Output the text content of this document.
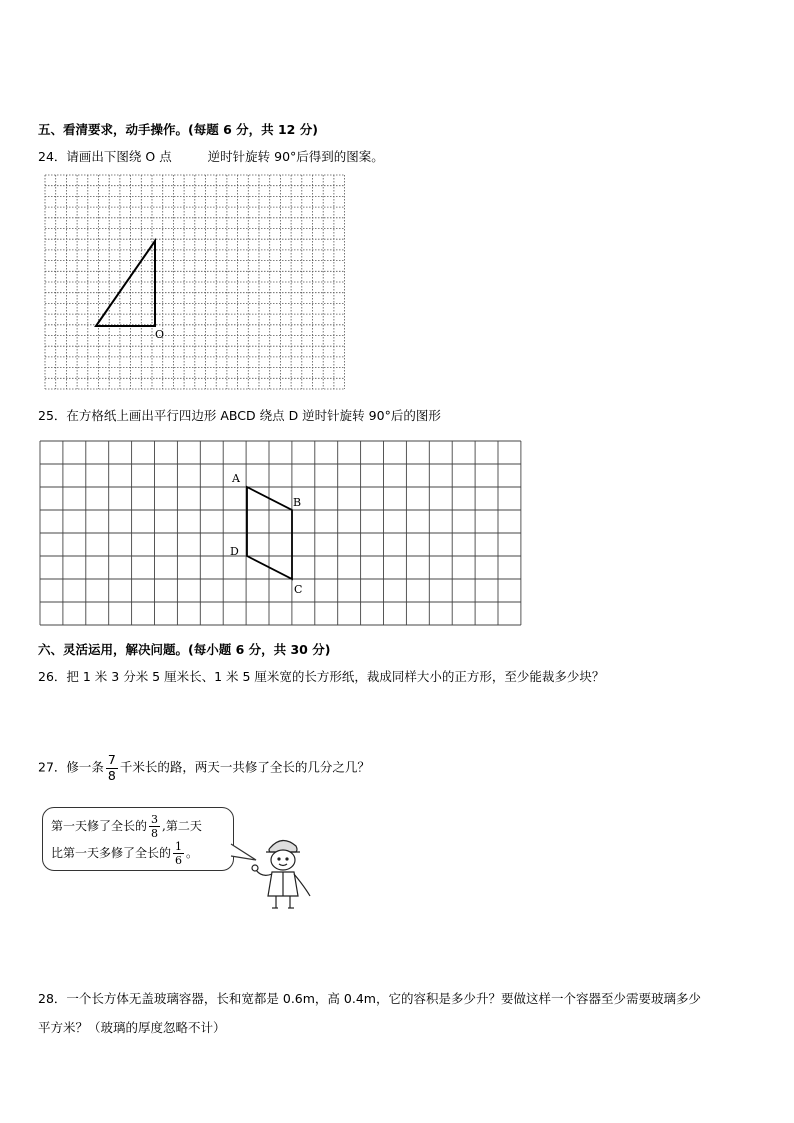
五、看清要求，动手操作。(每题 6 分，共 12 分)
24．请画出下图绕 O 点	逆时针旋转 90°后得到的图案。
O
25．在方格纸上画出平行四边形 ABCD 绕点 D 逆时针旋转 90°后的图形
A
B
C
D
六、灵活运用，解决问题。(每小题 6 分，共 30 分)
26．把 1 米 3 分米 5 厘米长、1 米 5 厘米宽的长方形纸，裁成同样大小的正方形，至少能裁多少块？
27．修一条 $\frac{7}{8}$ 千米长的路，两天一共修了全长的几分之几？
第一天修了全长的 $\frac{3}{8}$ ,第二天
比第一天多修了全长的 $\frac{1}{6}$ 。
28．一个长方体无盖玻璃容器，长和宽都是 0.6m，高 0.4m，它的容积是多少升？要做这样一个容器至少需要玻璃多少
平方米？（玻璃的厚度忽略不计）
